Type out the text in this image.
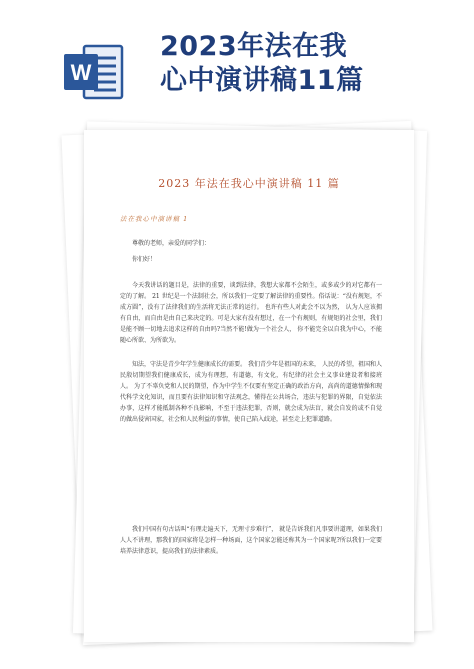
W
2023年法在我
心中演讲稿11篇
2023 年法在我心中演讲稿 11 篇
法在我心中演讲稿 1

尊敬的老师，亲爱的同学们：

你们好！

今天我讲话的题目是，法律的重要，谈到法律，我想大家都不会陌生，或多或少的对它都有一定的了解。 21 世纪是一个法制社会，所以我们一定要了解法律的重要性。俗话说：“没有规矩，不成方圆”，没有了法律我们的生活将无法正常的运行。 也许有些人对此会不以为然， 认为人应该拥有自由，而自由是由自己来决定的。可是大家有没有想过，在一个有规则，有规矩的社会里，我们是能不顾一切地去追求这样的自由吗?当然不能!做为一个社会人， 你不能完全以自我为中心，不能随心所欲、为所欲为。

知法，守法是青少年学生健康成长的需要。 我们青少年是祖国的未来， 人民的希望，祖国和人民殷切期望我们健康成长，成为有理想，有道德，有文化，有纪律的社会主义事业建设者和接班人。 为了不辜负党和人民的期望，作为中学生不仅要有坚定正确的政治方向，高尚的道德情操和现代科学文化知识，而且要有法律知识和守法观念，懂得在公共场合，违法与犯罪的界限，自觉依法办事，这样才能抵制各种不良影响，不至于违法犯罪，否则，就会成为法盲，就会自发的或不自觉的做出侵害国家，社会和人民利益的事情，使自己陷入歧途，甚至走上犯罪道路。

我们中国有句古话叫“有理走遍天下，无理寸步难行”， 就是告诉我们凡事要讲道理，如果我们人人不讲理，那我们的国家将是怎样一种场面，这个国家怎能还称其为一个国家呢?所以我们一定要培养法律意识，提高我们的法律素质。
